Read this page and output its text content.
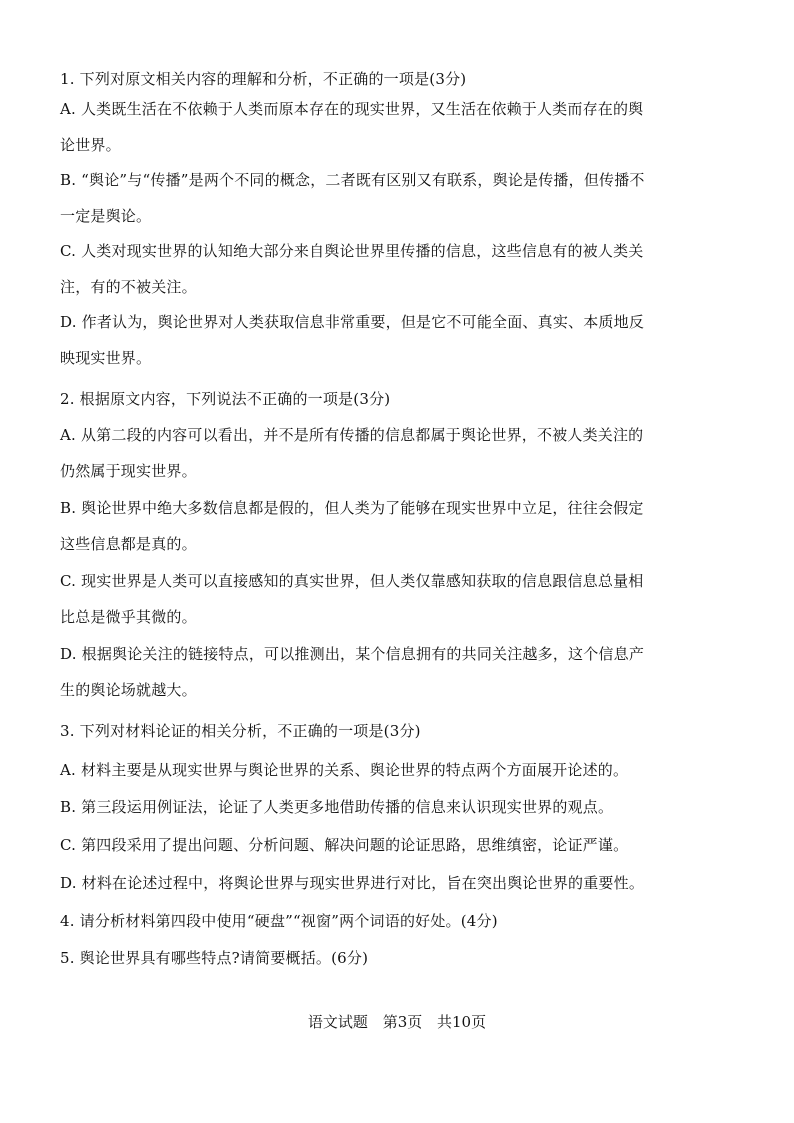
1. 下列对原文相关内容的理解和分析，不正确的一项是(3分)
A. 人类既生活在不依赖于人类而原本存在的现实世界，又生活在依赖于人类而存在的舆
论世界。
B. “舆论”与“传播”是两个不同的概念，二者既有区别又有联系，舆论是传播，但传播不
一定是舆论。
C. 人类对现实世界的认知绝大部分来自舆论世界里传播的信息，这些信息有的被人类关
注，有的不被关注。
D. 作者认为，舆论世界对人类获取信息非常重要，但是它不可能全面、真实、本质地反
映现实世界。
2. 根据原文内容，下列说法不正确的一项是(3分)
A. 从第二段的内容可以看出，并不是所有传播的信息都属于舆论世界，不被人类关注的
仍然属于现实世界。
B. 舆论世界中绝大多数信息都是假的，但人类为了能够在现实世界中立足，往往会假定
这些信息都是真的。
C. 现实世界是人类可以直接感知的真实世界，但人类仅靠感知获取的信息跟信息总量相
比总是微乎其微的。
D. 根据舆论关注的链接特点，可以推测出，某个信息拥有的共同关注越多，这个信息产
生的舆论场就越大。
3. 下列对材料论证的相关分析，不正确的一项是(3分)
A. 材料主要是从现实世界与舆论世界的关系、舆论世界的特点两个方面展开论述的。
B. 第三段运用例证法，论证了人类更多地借助传播的信息来认识现实世界的观点。
C. 第四段采用了提出问题、分析问题、解决问题的论证思路，思维缜密，论证严谨。
D. 材料在论述过程中，将舆论世界与现实世界进行对比，旨在突出舆论世界的重要性。
4. 请分析材料第四段中使用“硬盘”“视窗”两个词语的好处。(4分)
5. 舆论世界具有哪些特点?请简要概括。(6分)
语文试题 第3页 共10页
